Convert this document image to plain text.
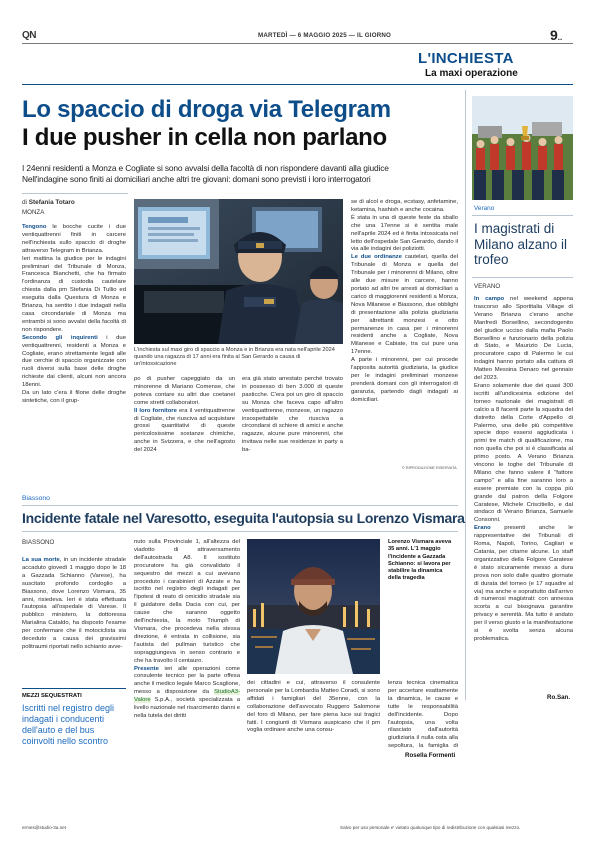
QN	MARTEDÌ — 6 MAGGIO 2025 — IL GIORNO	9..
L'INCHIESTA
La maxi operazione
Lo spaccio di droga via Telegram
I due pusher in cella non parlano
I 24enni residenti a Monza e Cogliate si sono avvalsi della facoltà di non rispondere davanti alla giudice
Nell'indagine sono finiti ai domiciliari anche altri tre giovani: domani sono previsti i loro interrogatori
di Stefania Totaro
MONZA

Tengono le bocche cucite i due ventiquattrenni finiti in carcere nell'inchiesta sullo spaccio di droghe attraverso Telegram in Brianza.

Ieri mattina la giudice per le indagini preliminari del Tribunale di Monza, Francesca Bianchetti, che ha firmato l'ordinanza di custodia cautelare chiesta dalla pm Stefania Di Tullio ed eseguita dalla Questura di Monza e Brianza, ha sentito i due indagati nella casa circondariale di Monza ma entrambi si sono avvalsi della facoltà di non rispondere.

Secondo gli inquirenti i due ventiquattrenni, residenti a Monza e Cogliate, erano strettamente legati alle due cerchie di spaccio organizzate con ruoli diversi sulla base delle droghe richieste dai clienti, alcuni non ancora 18enni.

Da un lato c'era il filone delle droghe sintetiche, con il grup-

L'inchiesta sul maxi giro di spaccio a Monza e in Brianza era nata nell'aprile 2024 quando una ragazza di 17 anni era finita al San Gerardo a causa di un'intossicazione

po di pusher capeggiato da un minorenne di Mariano Comense, che poteva contare su altri due coetanei come stretti collaboratori.

Il loro fornitore era il ventiquattrenne di Cogliate, che riusciva ad acquistare grossi quantitativi di queste pericolosissime sostanze chimiche, anche in Svizzera, e che nell'agosto del 2024

era già stato arrestato perché trovato in possesso di ben 3.000 di queste pasticche. C'era poi un giro di spaccio su Monza che faceva capo all'altro ventiquattrenne, monzese, un ragazzo insospettabile che riusciva a circondarsi di schiere di amici e anche ragazze, alcune pure minorenni, che invitava nelle sue residenze in party a ba-

se di alcol e droga, ecstasy, anfetamine, ketamina, hashish e anche cocaina.

È stata in una di queste feste da sballo che una 17enne si è sentita male nell'aprile 2024 ed è finita intossicata nel letto dell'ospedale San Gerardo, dando il via alle indagini dei poliziotti.

Le due ordinanze cautelari, quella del Tribunale di Monza e quella del Tribunale per i minorenni di Milano, oltre alle due misure in carcere, hanno portato ad altri tre arresti ai domiciliari a carico di maggiorenni residenti a Monza, Nova Milanese e Biassono, due obblighi di presentazione alla polizia giudiziaria per altrettanti monzesi e otto permanenze in casa per i minorenni residenti anche a Cogliate, Nova Milanese e Cabiate, tra cui pure una 17enne.

A parte i minorenni, per cui procede l'apposita autorità giudiziaria, la giudice per le indagini preliminari monzese prenderà domani con gli interrogatori di garanzia, partendo dagli indagati ai domiciliari.

© RIPRODUZIONE RISERVATA
Verano
I magistrati di Milano alzano il trofeo
VERANO

In campo nel weekend appena trascorso allo Sportitalia Village di Verano Brianza c'erano anche Manfredi Borsellino, secondogenito del giudice ucciso dalla mafia Paolo Borsellino e funzionario della polizia di Stato, e Maurizio De Lucia, procuratore capo di Palermo le cui indagini hanno portato alla cattura di Matteo Messina Denaro nel gennaio del 2023.

Erano solamente due dei quasi 300 iscritti all'undicesima edizione del torneo nazionale dei magistrati di calcio a 8 facenti parte la squadra del distretto della Corte d'Appello di Palermo, una delle più competitive specie dopo essersi aggiudicata i primi tre match di qualificazione, ma non quella che poi si è classificata al primo posto. A Verano Brianza vincono le toghe del Tribunale di Milano che fanno valere il "fattore campo" e alla fine saranno loro a essere premiate con la coppa più grande dal patron della Folgore Caratese, Michele Criscitiello, e dal sindaco di Verano Brianza, Samuele Consonni.

Erano presenti anche le rappresentative dei Tribunali di Roma, Napoli, Torino, Cagliari e Catania, per citarne alcune. Lo staff organizzativo della Folgore Caratese è stato sicuramente messo a dura prova non solo dalle quattro giornate di durata del torneo (e 17 squadre al via) ma anche e soprattutto dall'arrivo di numerosi magistrati: con annessa scorta a cui bisognava garantire privacy e serenità. Ma tutto è andato per il verso giusto e la manifestazione si è svolta senza alcuna problematica.

Ro.San.
Biassono
Incidente fatale nel Varesotto, eseguita l'autopsia su Lorenzo Vismara
BIASSONO

La sua morte, in un incidente stradale accaduto giovedì 1 maggio dopo le 18 a Gazzada Schianno (Varese), ha suscitato profondo cordoglio a Biassono, dove Lorenzo Vismara, 35 anni, risiedeva. Ieri è stata effettuata l'autopsia all'ospedale di Varese. Il pubblico ministero, la dottoressa Marialina Cataldo, ha disposto l'esame per confermare che il motociclista sia deceduto a causa dei gravissimi politraumi riportati nello schianto avve-

MEZZI SEQUESTRATI
Iscritti nel registro degli indagati i conducenti dell'auto e del bus coinvolti nello scontro

nuto sulla Provinciale 1, all'altezza del viadotto di attraversamento dell'autostrada A8. Il sostituto procuratore ha già convalidato il sequestro dei mezzi a cui avevano proceduto i carabinieri di Azzate e ha iscritto nel registro degli indagati per l'ipotesi di reato di omicidio stradale sia il guidatore della Dacia con cui, per cause che saranno oggetto dell'inchiesta, la moto Triumph di Vismara, che procedeva nella stessa direzione, è entrata in collisione, sia l'autista del pullman turistico che sopraggiungeva in senso contrario e che ha travolto il centauro.

Presente ieri alle operazioni come consulente tecnico per la parte offesa anche il medico legale Marco Scaglione, messo a disposizione da StudioA3-Valore S.p.A., società specializzata a livello nazionale nel risarcimento danni e nella tutela dei diritti

Lorenzo Vismara aveva 35 anni. L'1 maggio l'incidente a Gazzada Schianno: si lavora per stabilire la dinamica della tragedia

dei cittadini e cui, attraverso il consulente personale per la Lombardia Matteo Coradi, si sono affidati i famigliari del 35enne, con la collaborazione dell'avvocato Ruggero Salomone del foro di Milano, per fare piena luce sui tragici fatti. I congiunti di Vismara auspicano che il pm voglia ordinare anche una consu-

lenza tecnica cinematica per accertare esattamente la dinamica, le cause e tutte le responsabilità dell'incidente. Dopo l'autopsia, una volta rilasciato dall'autorità giudiziaria il nulla osta alla sepoltura, la famiglia di

Rosella Formenti
ermes@studio-3a.net	Salvo per uso personale e' vietato qualunque tipo di redistribuzione con qualsiasi mezzo.
